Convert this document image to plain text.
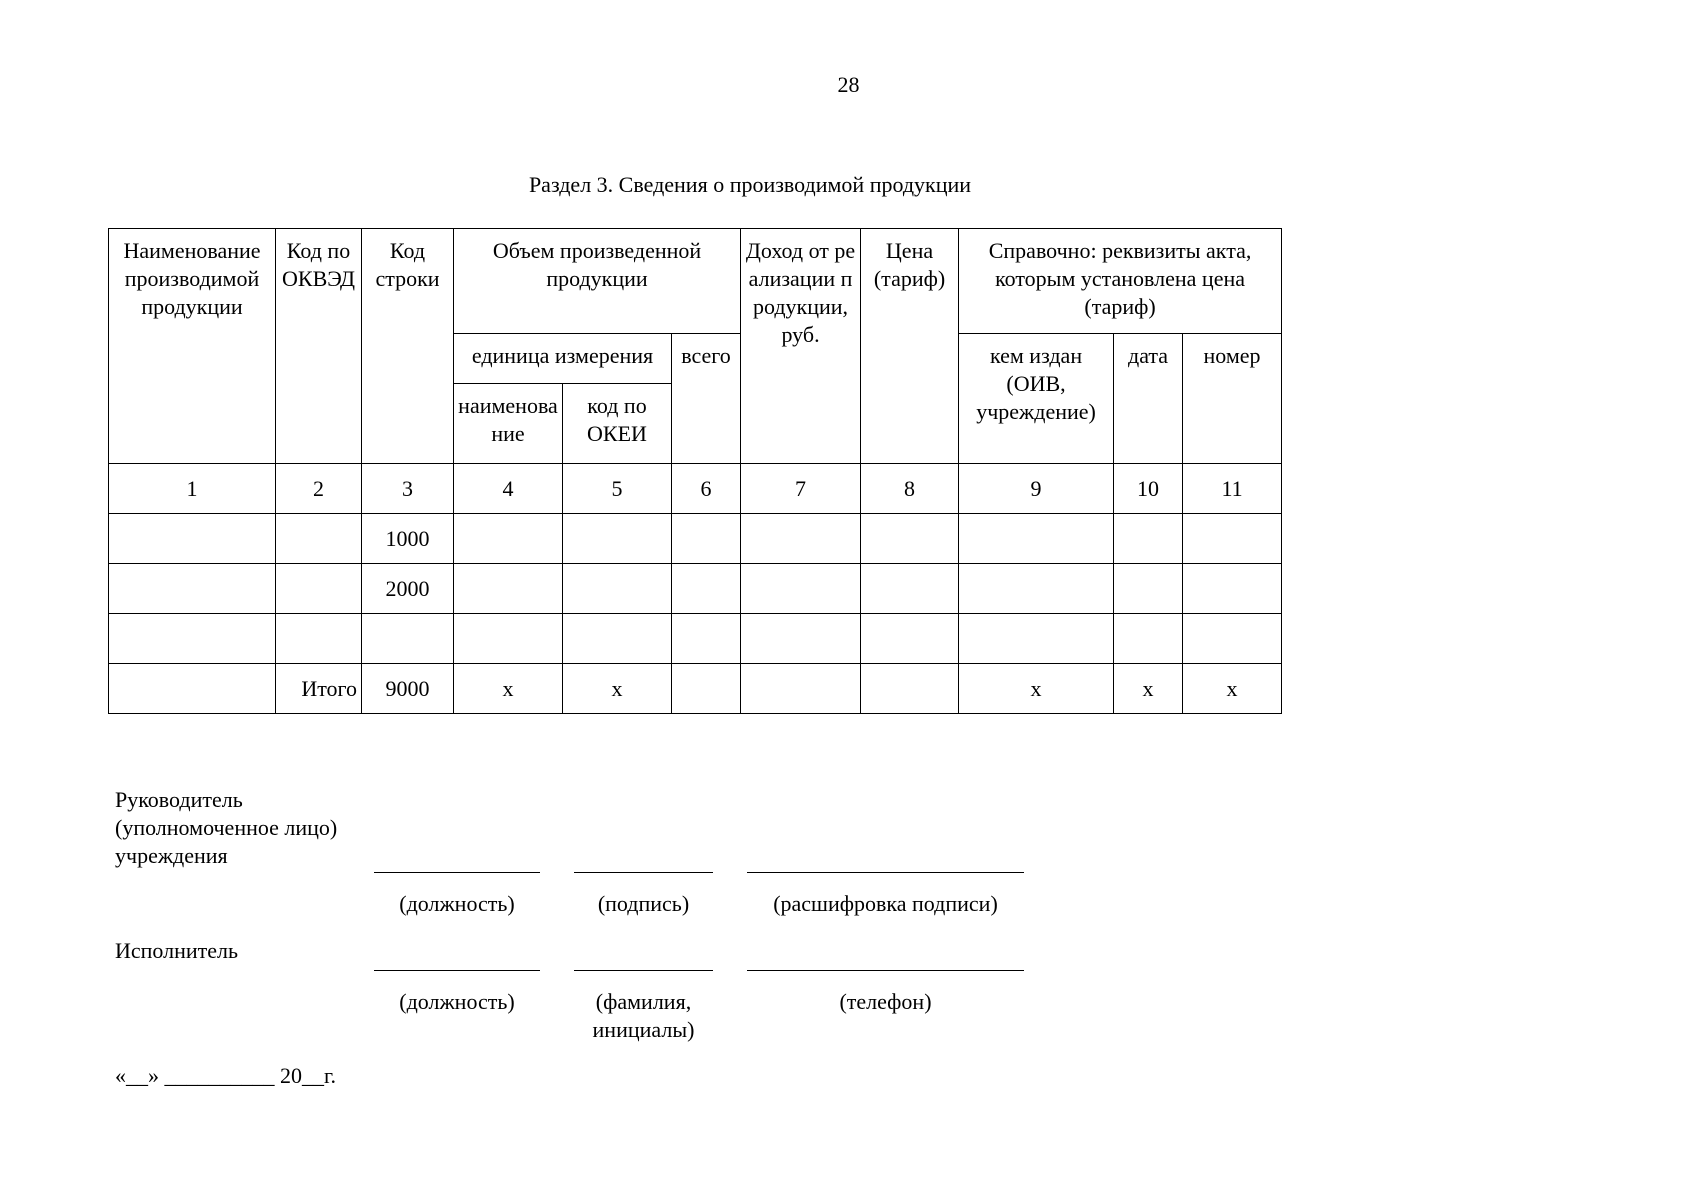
28
Раздел 3. Сведения о производимой продукции
Наименование производимой продукции	Код по ОКВЭД	Код строки	Объем произведенной продукции			Доход от реализации продукции, руб.	Цена (тариф)	Справочно: реквизиты акта, которым установлена цена (тариф)		
			единица измерения		всего			кем издан (ОИВ, учреждение)	дата	номер
			наименование	код по ОКЕИ						
1	2	3	4	5	6	7	8	9	10	11
		1000								
		2000								

	Итого	9000	x	x				x	x	x
Руководитель
(уполномоченное лицо)
учреждения
(должность)	(подпись)	(расшифровка подписи)
Исполнитель
(должность)	(фамилия,
инициалы)
(телефон)
«__» __________ 20__г.
